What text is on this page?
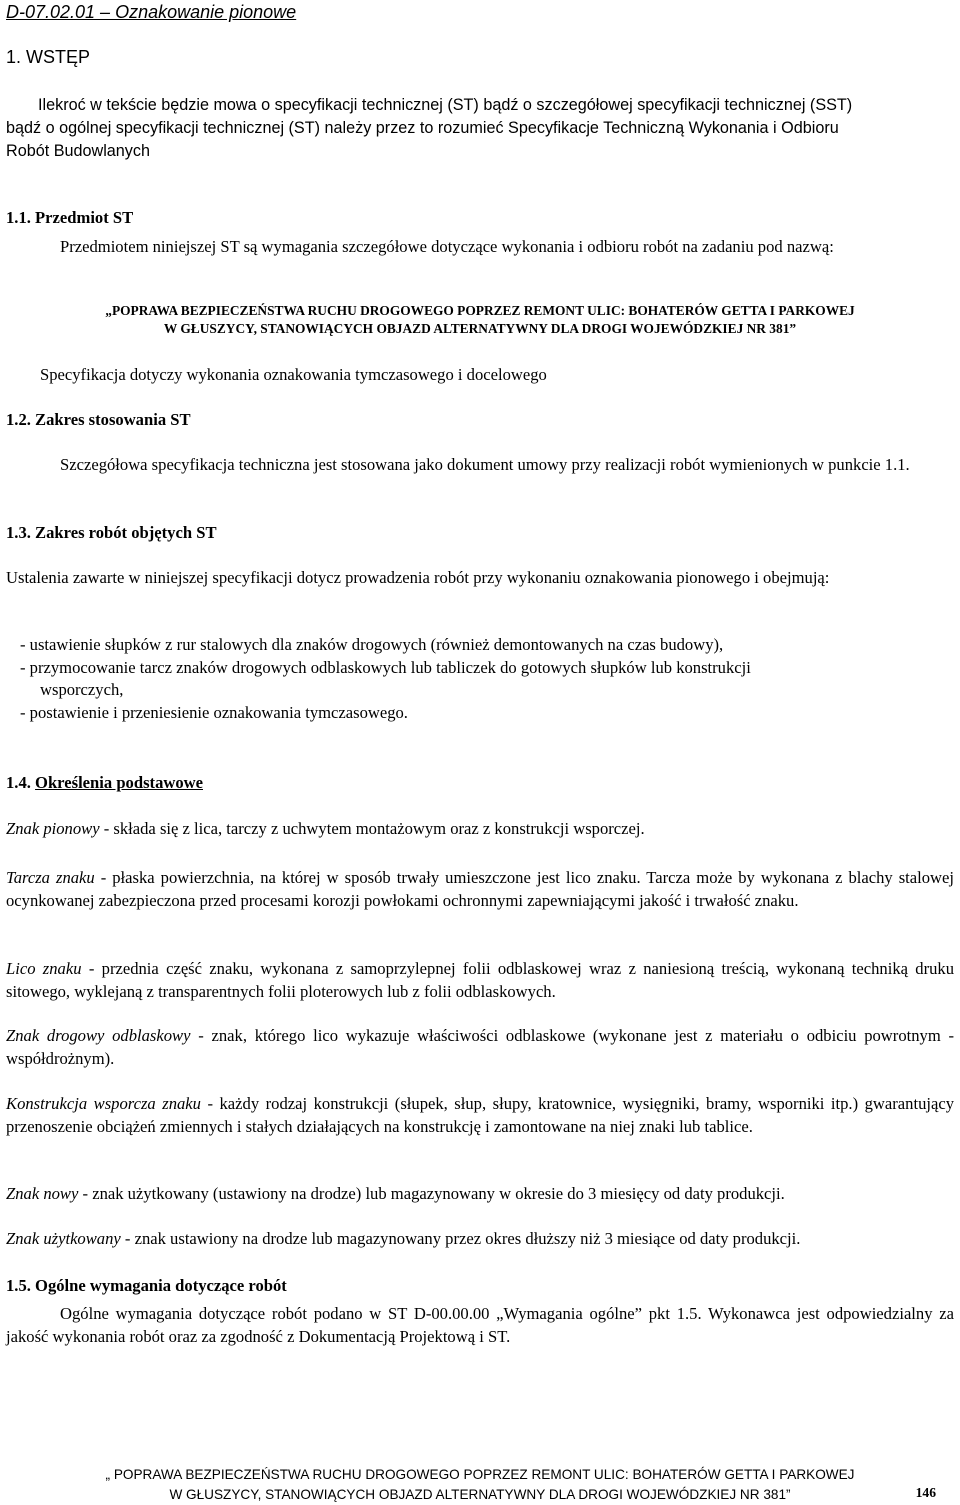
D-07.02.01 – Oznakowanie pionowe
1. WSTĘP

Ilekroć w tekście będzie mowa o specyfikacji technicznej (ST) bądź o szczegółowej specyfikacji technicznej (SST)

bądź o ogólnej specyfikacji technicznej (ST) należy przez to rozumieć Specyfikacje Techniczną Wykonania i Odbioru

Robót Budowlanych

1.1. Przedmiot ST

Przedmiotem niniejszej ST są wymagania szczegółowe dotyczące wykonania i odbioru robót na zadaniu pod nazwą:

„POPRAWA BEZPIECZEŃSTWA RUCHU DROGOWEGO POPRZEZ REMONT ULIC: BOHATERÓW GETTA I PARKOWEJ

W GŁUSZYCY, STANOWIĄCYCH OBJAZD ALTERNATYWNY DLA DROGI WOJEWÓDZKIEJ NR 381”

Specyfikacja dotyczy wykonania oznakowania tymczasowego i docelowego

1.2. Zakres stosowania ST

Szczegółowa specyfikacja techniczna jest stosowana jako dokument umowy przy realizacji robót wymienionych w punkcie 1.1.

1.3. Zakres robót objętych ST

Ustalenia zawarte w niniejszej specyfikacji dotycz prowadzenia robót przy wykonaniu oznakowania pionowego i obejmują:

- ustawienie słupków z rur stalowych dla znaków drogowych (również demontowanych na czas budowy),

- przymocowanie tarcz znaków drogowych odblaskowych lub tabliczek do gotowych słupków lub konstrukcji wsporczych,

- postawienie i przeniesienie oznakowania tymczasowego.

1.4. Określenia podstawowe

Znak pionowy - składa się z lica, tarczy z uchwytem montażowym oraz z konstrukcji wsporczej.

Tarcza znaku - płaska powierzchnia, na której w sposób trwały umieszczone jest lico znaku. Tarcza może by wykonana z blachy stalowej ocynkowanej zabezpieczona przed procesami korozji powłokami ochronnymi zapewniającymi jakość i trwałość znaku.

Lico znaku - przednia część znaku, wykonana z samoprzylepnej folii odblaskowej wraz z naniesioną treścią, wykonaną techniką druku sitowego, wyklejaną z transparentnych folii ploterowych lub z folii odblaskowych.

Znak drogowy odblaskowy - znak, którego lico wykazuje właściwości odblaskowe (wykonane jest z materiału o odbiciu powrotnym - współdrożnym).

Konstrukcja wsporcza znaku - każdy rodzaj konstrukcji (słupek, słup, słupy, kratownice, wysięgniki, bramy, wsporniki itp.) gwarantujący przenoszenie obciążeń zmiennych i stałych działających na konstrukcję i zamontowane na niej znaki lub tablice.

Znak nowy - znak użytkowany (ustawiony na drodze) lub magazynowany w okresie do 3 miesięcy od daty produkcji.

Znak użytkowany - znak ustawiony na drodze lub magazynowany przez okres dłuższy niż 3 miesiące od daty produkcji.

1.5. Ogólne wymagania dotyczące robót

Ogólne wymagania dotyczące robót podano w ST D-00.00.00 „Wymagania ogólne” pkt 1.5. Wykonawca jest odpowiedzialny za jakość wykonania robót oraz za zgodność z Dokumentacją Projektową i ST.

„ POPRAWA BEZPIECZEŃSTWA RUCHU DROGOWEGO POPRZEZ REMONT ULIC: BOHATERÓW GETTA I PARKOWEJ
W GŁUSZYCY, STANOWIĄCYCH OBJAZD ALTERNATYWNY DLA DROGI WOJEWÓDZKIEJ NR 381”	146
